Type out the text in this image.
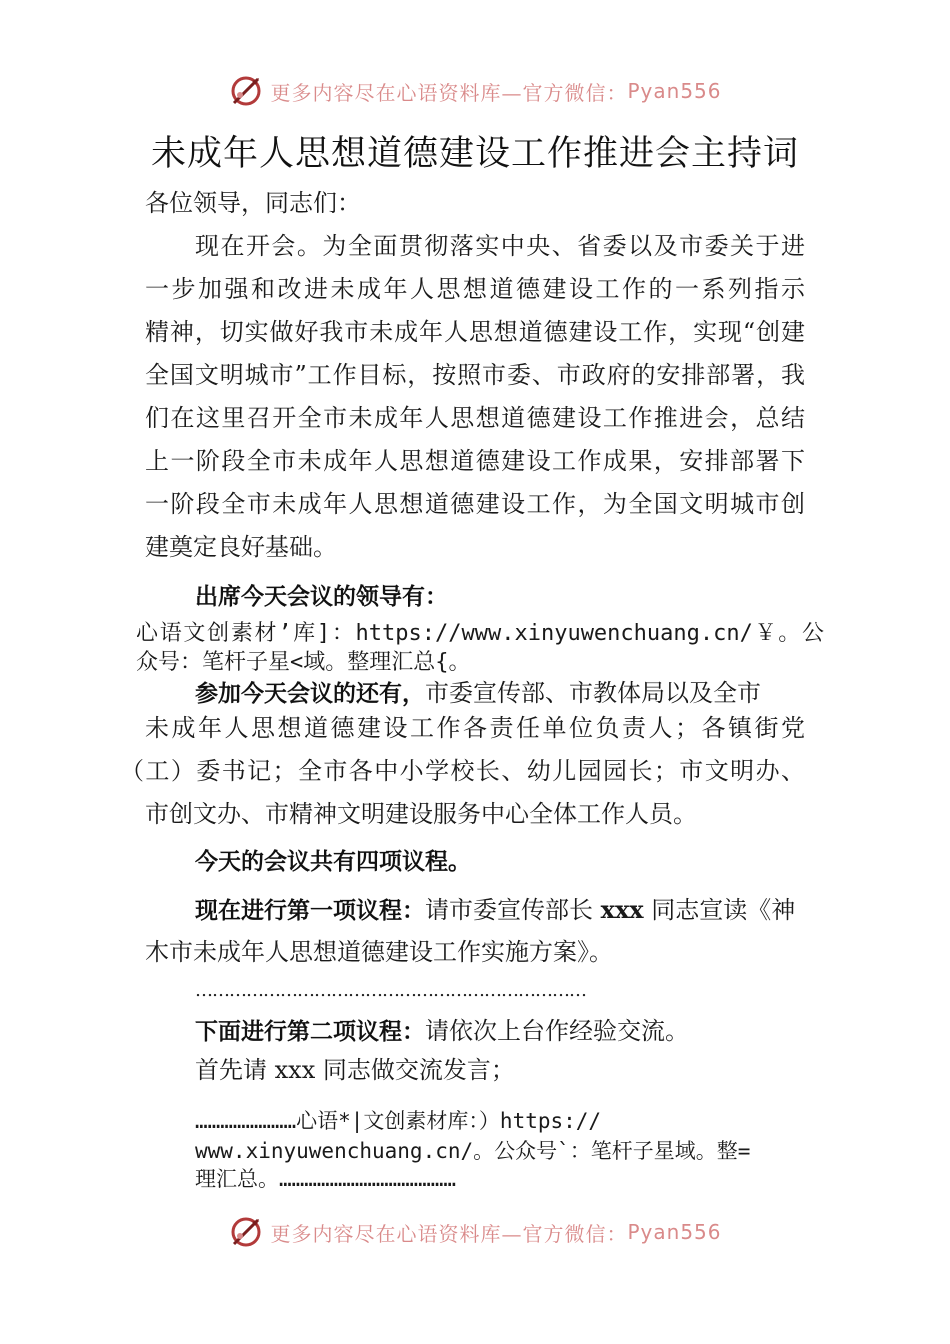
更多内容尽在心语资料库—官方微信： Pyan556
未成年人思想道德建设工作推进会主持词
各位领导，同志们：
现在开会。为全面贯彻落实中央、省委以及市委关于进
一步加强和改进未成年人思想道德建设工作的一系列指示
精神，切实做好我市未成年人思想道德建设工作，实现“创建
全国文明城市”工作目标，按照市委、市政府的安排部署，我
们在这里召开全市未成年人思想道德建设工作推进会，总结
上一阶段全市未成年人思想道德建设工作成果，安排部署下
一阶段全市未成年人思想道德建设工作，为全国文明城市创
建奠定良好基础。
出席今天会议的领导有：
心语文创素材’库]：https://www.xinyuwenchuang.cn/￥。公
众号：笔杆子星<域。整理汇总{。
参加今天会议的还有，市委宣传部、市教体局以及全市
未成年人思想道德建设工作各责任单位负责人；各镇街党
（工）委书记；全市各中小学校长、幼儿园园长；市文明办、
市创文办、市精神文明建设服务中心全体工作人员。
今天的会议共有四项议程。
现在进行第一项议程：请市委宣传部长 xxx 同志宣读《神
木市未成年人思想道德建设工作实施方案》。
……………………………………………………………
下面进行第二项议程：请依次上台作经验交流。
首先请 xxx 同志做交流发言；
……………………心语*|文创素材库：）https://
www.xinyuwenchuang.cn/。公众号`：笔杆子星域。整=
理汇总。……………………………………
更多内容尽在心语资料库—官方微信： Pyan556
